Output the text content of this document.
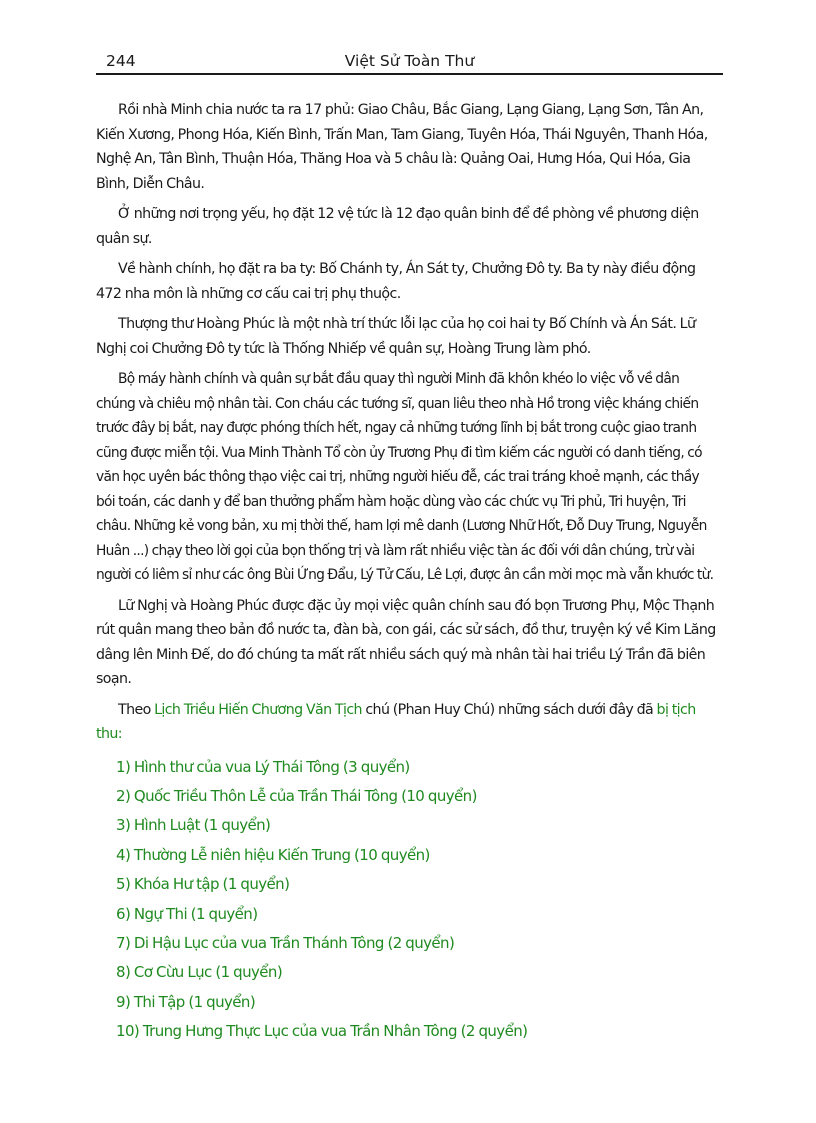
244	Việt Sử Toàn Thư

Rồi nhà Minh chia nước ta ra 17 phủ: Giao Châu, Bắc Giang, Lạng Giang, Lạng Sơn, Tân An, Kiến Xương, Phong Hóa, Kiến Bình, Trấn Man, Tam Giang, Tuyên Hóa, Thái Nguyên, Thanh Hóa, Nghệ An, Tân Bình, Thuận Hóa, Thăng Hoa và 5 châu là: Quảng Oai, Hưng Hóa, Qui Hóa, Gia Bình, Diễn Châu.

Ở những nơi trọng yếu, họ đặt 12 vệ tức là 12 đạo quân binh để đề phòng về phương diện quân sự.

Về hành chính, họ đặt ra ba ty: Bố Chánh ty, Án Sát ty, Chưởng Đô ty. Ba ty này điều động 472 nha môn là những cơ cấu cai trị phụ thuộc.

Thượng thư Hoàng Phúc là một nhà trí thức lỗi lạc của họ coi hai ty Bố Chính và Án Sát. Lữ Nghị coi Chưởng Đô ty tức là Thống Nhiếp về quân sự, Hoàng Trung làm phó.

Bộ máy hành chính và quân sự bắt đầu quay thì người Minh đã khôn khéo lo việc vỗ về dân chúng và chiêu mộ nhân tài. Con cháu các tướng sĩ, quan liêu theo nhà Hồ trong việc kháng chiến trước đây bị bắt, nay được phóng thích hết, ngay cả những tướng lĩnh bị bắt trong cuộc giao tranh cũng được miễn tội. Vua Minh Thành Tổ còn ủy Trương Phụ đi tìm kiếm các người có danh tiếng, có văn học uyên bác thông thạo việc cai trị, những người hiếu đễ, các trai tráng khoẻ mạnh, các thầy bói toán, các danh y để ban thưởng phẩm hàm hoặc dùng vào các chức vụ Tri phủ, Tri huyện, Tri châu. Những kẻ vong bản, xu mị thời thế, ham lợi mê danh (Lương Nhữ Hốt, Đỗ Duy Trung, Nguyễn Huân ...) chạy theo lời gọi của bọn thống trị và làm rất nhiều việc tàn ác đối với dân chúng, trừ vài người có liêm sỉ như các ông Bùi Ứng Đẩu, Lý Tử Cấu, Lê Lợi, được ân cần mời mọc mà vẫn khước từ.

Lữ Nghị và Hoàng Phúc được đặc ủy mọi việc quân chính sau đó bọn Trương Phụ, Mộc Thạnh rút quân mang theo bản đồ nước ta, đàn bà, con gái, các sử sách, đồ thư, truyện ký về Kim Lăng dâng lên Minh Đế, do đó chúng ta mất rất nhiều sách quý mà nhân tài hai triều Lý Trần đã biên soạn.

Theo Lịch Triều Hiến Chương Văn Tịch chú (Phan Huy Chú) những sách dưới đây đã bị tịch thu:

1) Hình thư của vua Lý Thái Tông (3 quyển)
2) Quốc Triều Thôn Lễ của Trần Thái Tông (10 quyển)
3) Hình Luật (1 quyển)
4) Thường Lễ niên hiệu Kiến Trung (10 quyển)
5) Khóa Hư tập (1 quyển)
6) Ngự Thi (1 quyển)
7) Di Hậu Lục của vua Trần Thánh Tông (2 quyển)
8) Cơ Cừu Lục (1 quyển)
9) Thi Tập (1 quyển)
10) Trung Hưng Thực Lục của vua Trần Nhân Tông (2 quyển)
